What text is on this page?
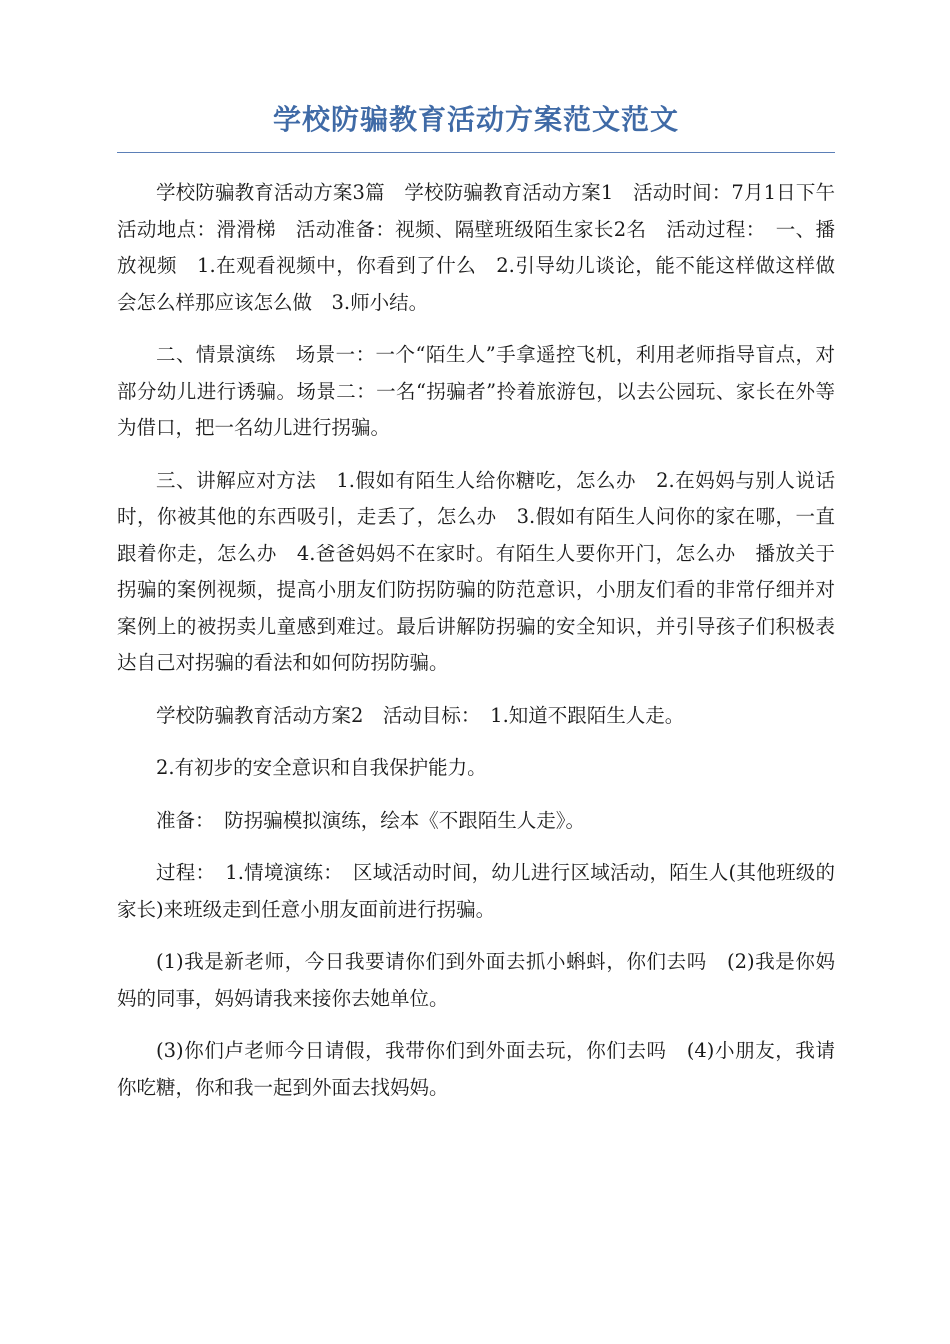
学校防骗教育活动方案范文范文

学校防骗教育活动方案3篇　学校防骗教育活动方案1　活动时间：7月1日下午　活动地点：滑滑梯　活动准备：视频、隔壁班级陌生家长2名　活动过程：　一、播放视频　1.在观看视频中，你看到了什么　2.引导幼儿谈论，能不能这样做这样做会怎么样那应该怎么做　3.师小结。

二、情景演练　场景一：一个“陌生人”手拿遥控飞机，利用老师指导盲点，对部分幼儿进行诱骗。场景二：一名“拐骗者”拎着旅游包，以去公园玩、家长在外等为借口，把一名幼儿进行拐骗。

三、讲解应对方法　1.假如有陌生人给你糖吃，怎么办　2.在妈妈与别人说话时，你被其他的东西吸引，走丢了，怎么办　3.假如有陌生人问你的家在哪，一直跟着你走，怎么办　4.爸爸妈妈不在家时。有陌生人要你开门，怎么办　播放关于拐骗的案例视频，提高小朋友们防拐防骗的防范意识，小朋友们看的非常仔细并对案例上的被拐卖儿童感到难过。最后讲解防拐骗的安全知识，并引导孩子们积极表达自己对拐骗的看法和如何防拐防骗。

学校防骗教育活动方案2　活动目标：　1.知道不跟陌生人走。

2.有初步的安全意识和自我保护能力。

准备：　防拐骗模拟演练，绘本《不跟陌生人走》。

过程：　1.情境演练：　区域活动时间，幼儿进行区域活动，陌生人(其他班级的家长)来班级走到任意小朋友面前进行拐骗。

(1)我是新老师，今日我要请你们到外面去抓小蝌蚪，你们去吗　(2)我是你妈妈的同事，妈妈请我来接你去她单位。

(3)你们卢老师今日请假，我带你们到外面去玩，你们去吗　(4)小朋友，我请你吃糖，你和我一起到外面去找妈妈。
